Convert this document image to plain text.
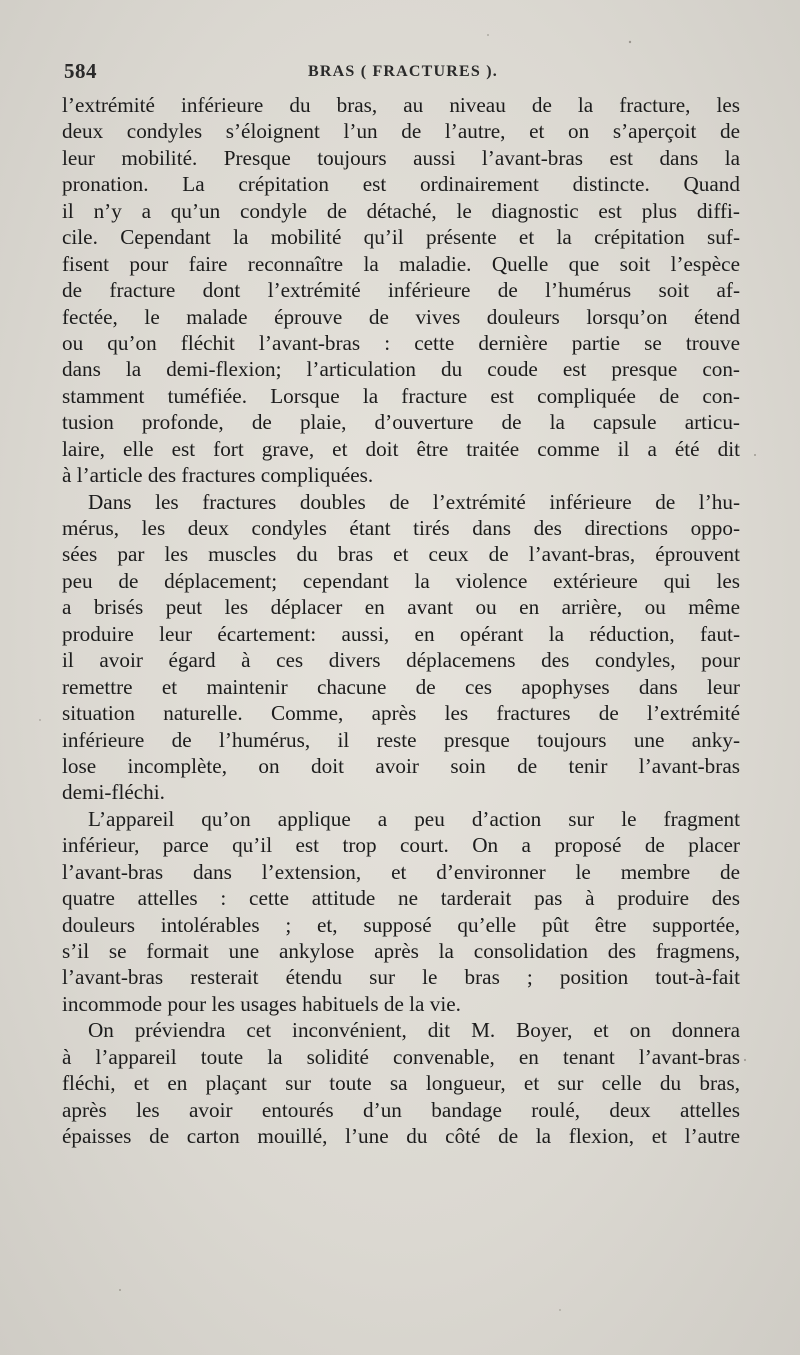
584	BRAS ( FRACTURES ).
l’extrémité inférieure du bras, au niveau de la fracture, les
deux condyles s’éloignent l’un de l’autre, et on s’aperçoit de
leur mobilité. Presque toujours aussi l’avant-bras est dans la
pronation. La crépitation est ordinairement distincte. Quand
il n’y a qu’un condyle de détaché, le diagnostic est plus diffi-
cile. Cependant la mobilité qu’il présente et la crépitation suf-
fisent pour faire reconnaître la maladie. Quelle que soit l’espèce
de fracture dont l’extrémité inférieure de l’humérus soit af-
fectée, le malade éprouve de vives douleurs lorsqu’on étend
ou qu’on fléchit l’avant-bras : cette dernière partie se trouve
dans la demi-flexion; l’articulation du coude est presque con-
stamment tuméfiée. Lorsque la fracture est compliquée de con-
tusion profonde, de plaie, d’ouverture de la capsule articu-
laire, elle est fort grave, et doit être traitée comme il a été dit
à l’article des fractures compliquées.
Dans les fractures doubles de l’extrémité inférieure de l’hu-
mérus, les deux condyles étant tirés dans des directions oppo-
sées par les muscles du bras et ceux de l’avant-bras, éprouvent
peu de déplacement; cependant la violence extérieure qui les
a brisés peut les déplacer en avant ou en arrière, ou même
produire leur écartement: aussi, en opérant la réduction, faut-
il avoir égard à ces divers déplacemens des condyles, pour
remettre et maintenir chacune de ces apophyses dans leur
situation naturelle. Comme, après les fractures de l’extrémité
inférieure de l’humérus, il reste presque toujours une anky-
lose incomplète, on doit avoir soin de tenir l’avant-bras
demi-fléchi.
L’appareil qu’on applique a peu d’action sur le fragment
inférieur, parce qu’il est trop court. On a proposé de placer
l’avant-bras dans l’extension, et d’environner le membre de
quatre attelles : cette attitude ne tarderait pas à produire des
douleurs intolérables ; et, supposé qu’elle pût être supportée,
s’il se formait une ankylose après la consolidation des fragmens,
l’avant-bras resterait étendu sur le bras ; position tout-à-fait
incommode pour les usages habituels de la vie.
On préviendra cet inconvénient, dit M. Boyer, et on donnera
à l’appareil toute la solidité convenable, en tenant l’avant-bras
fléchi, et en plaçant sur toute sa longueur, et sur celle du bras,
après les avoir entourés d’un bandage roulé, deux attelles
épaisses de carton mouillé, l’une du côté de la flexion, et l’autre
